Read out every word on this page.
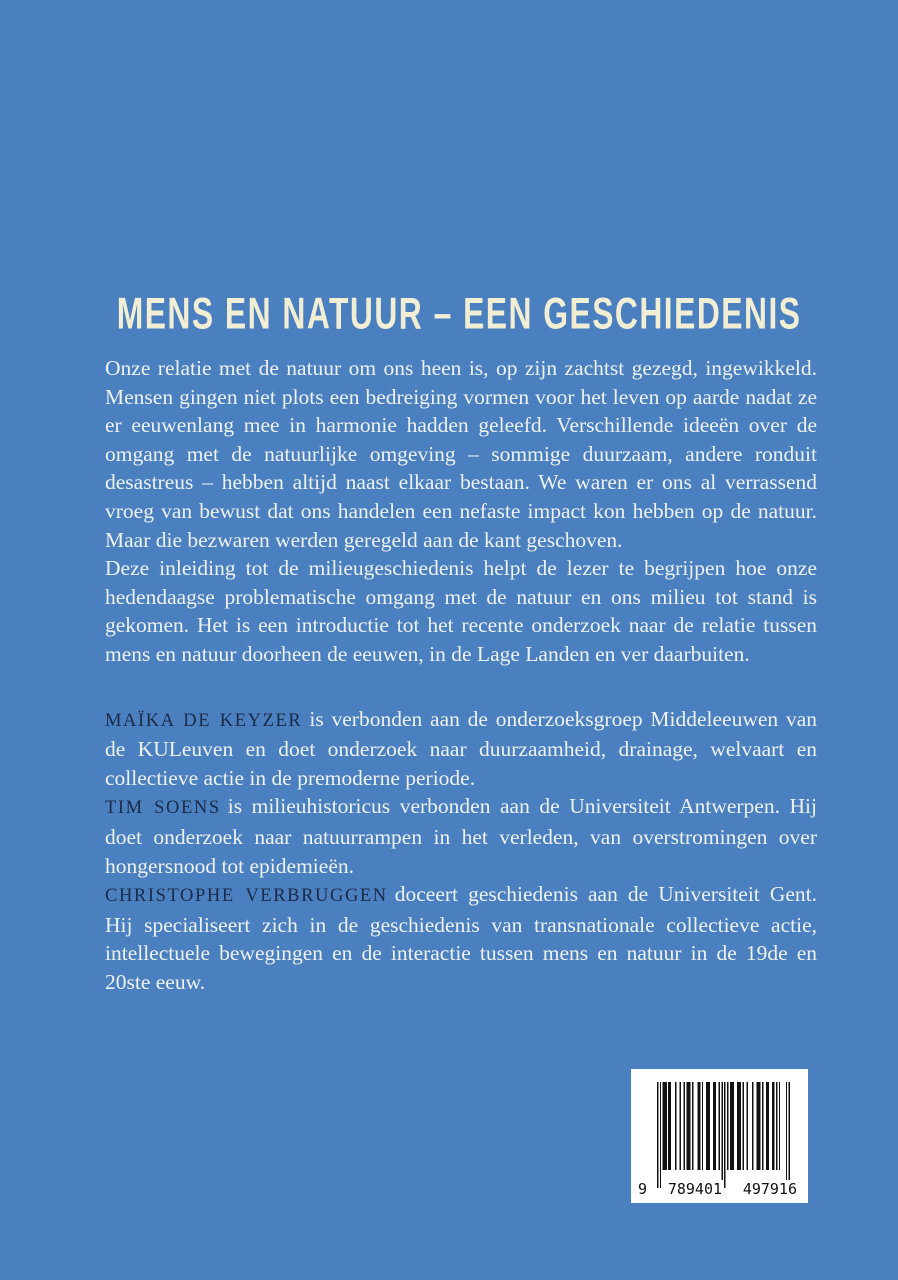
MENS EN NATUUR – EEN GESCHIEDENIS

Onze relatie met de natuur om ons heen is, op zijn zachtst gezegd, ingewikkeld. Mensen gingen niet plots een bedreiging vormen voor het leven op aarde nadat ze er eeuwenlang mee in harmonie hadden geleefd. Verschillende ideeën over de omgang met de natuurlijke omgeving – sommige duurzaam, andere ronduit desastreus – hebben altijd naast elkaar bestaan. We waren er ons al verrassend vroeg van bewust dat ons handelen een nefaste impact kon hebben op de natuur. Maar die bezwaren werden geregeld aan de kant geschoven.

Deze inleiding tot de milieugeschiedenis helpt de lezer te begrijpen hoe onze hedendaagse problematische omgang met de natuur en ons milieu tot stand is gekomen. Het is een introductie tot het recente onderzoek naar de relatie tussen mens en natuur doorheen de eeuwen, in de Lage Landen en ver daarbuiten.

MAÏKA DE KEYZER is verbonden aan de onderzoeksgroep Middeleeuwen van de KULeuven en doet onderzoek naar duurzaamheid, drainage, welvaart en collectieve actie in de premoderne periode.

TIM SOENS is milieuhistoricus verbonden aan de Universiteit Antwerpen. Hij doet onderzoek naar natuurrampen in het verleden, van overstromingen over hongersnood tot epidemieën.

CHRISTOPHE VERBRUGGEN doceert geschiedenis aan de Universiteit Gent. Hij specialiseert zich in de geschiedenis van transnationale collectieve actie, intellectuele bewegingen en de interactie tussen mens en natuur in de 19de en 20ste eeuw.

9 789401 497916
